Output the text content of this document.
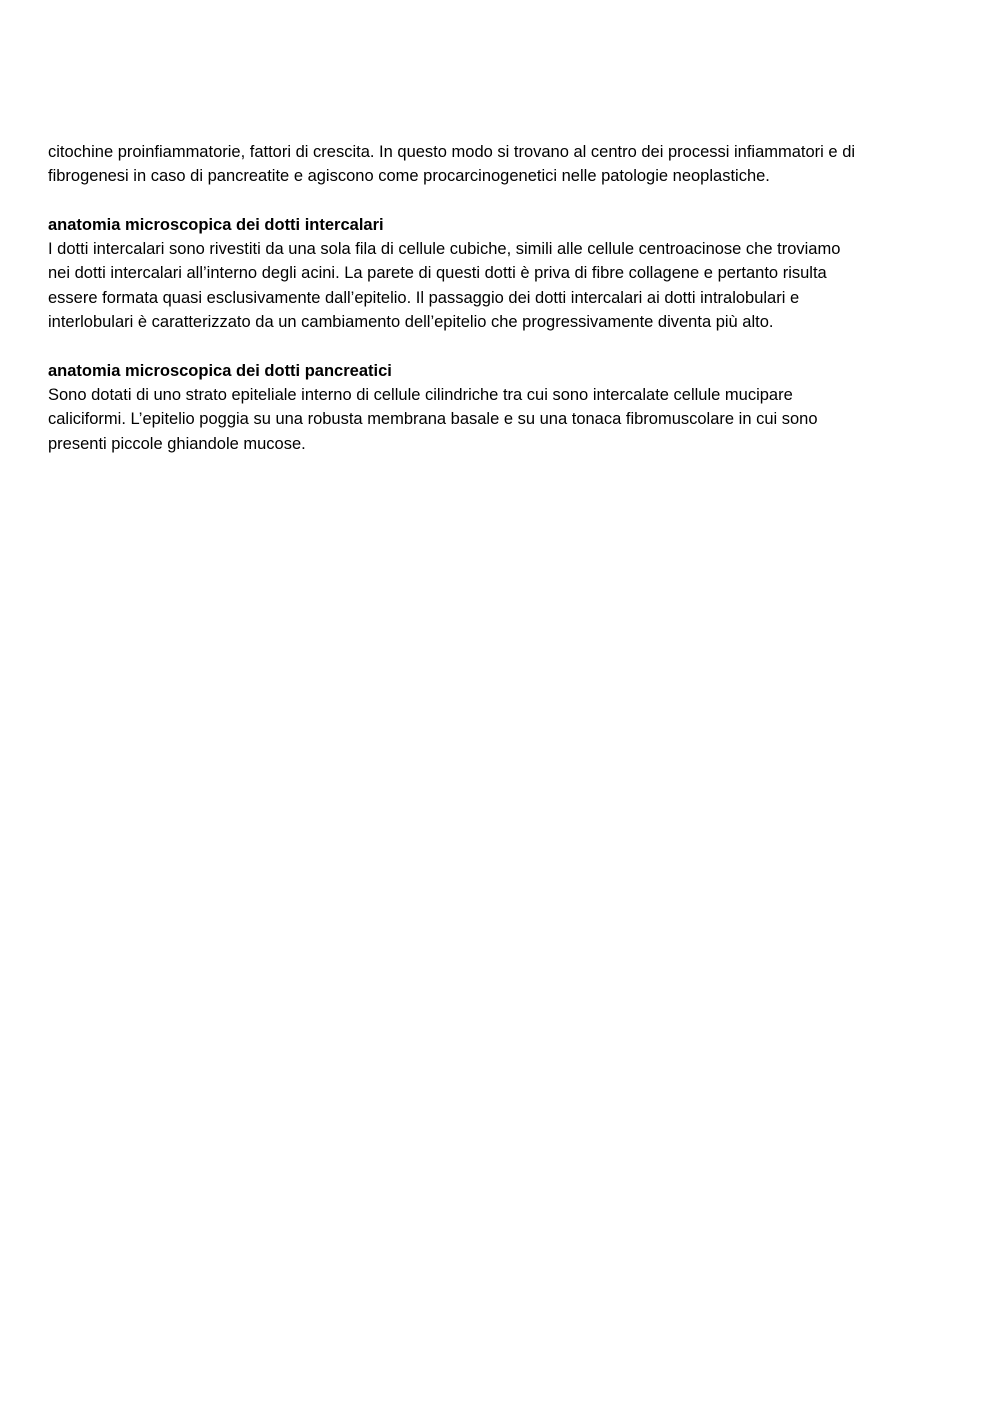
citochine proinfiammatorie, fattori di crescita. In questo modo si trovano al centro dei processi infiammatori e di
fibrogenesi in caso di pancreatite e agiscono come procarcinogenetici nelle patologie neoplastiche.
anatomia microscopica dei dotti intercalari
I dotti intercalari sono rivestiti da una sola fila di cellule cubiche, simili alle cellule centroacinose che troviamo
nei dotti intercalari all’interno degli acini. La parete di questi dotti è priva di fibre collagene e pertanto risulta
essere formata quasi esclusivamente dall’epitelio. Il passaggio dei dotti intercalari ai dotti intralobulari e
interlobulari è caratterizzato da un cambiamento dell’epitelio che progressivamente diventa più alto.
anatomia microscopica dei dotti pancreatici
Sono dotati di uno strato epiteliale interno di cellule cilindriche tra cui sono intercalate cellule mucipare
caliciformi. L’epitelio poggia su una robusta membrana basale e su una tonaca fibromuscolare in cui sono
presenti piccole ghiandole mucose.
